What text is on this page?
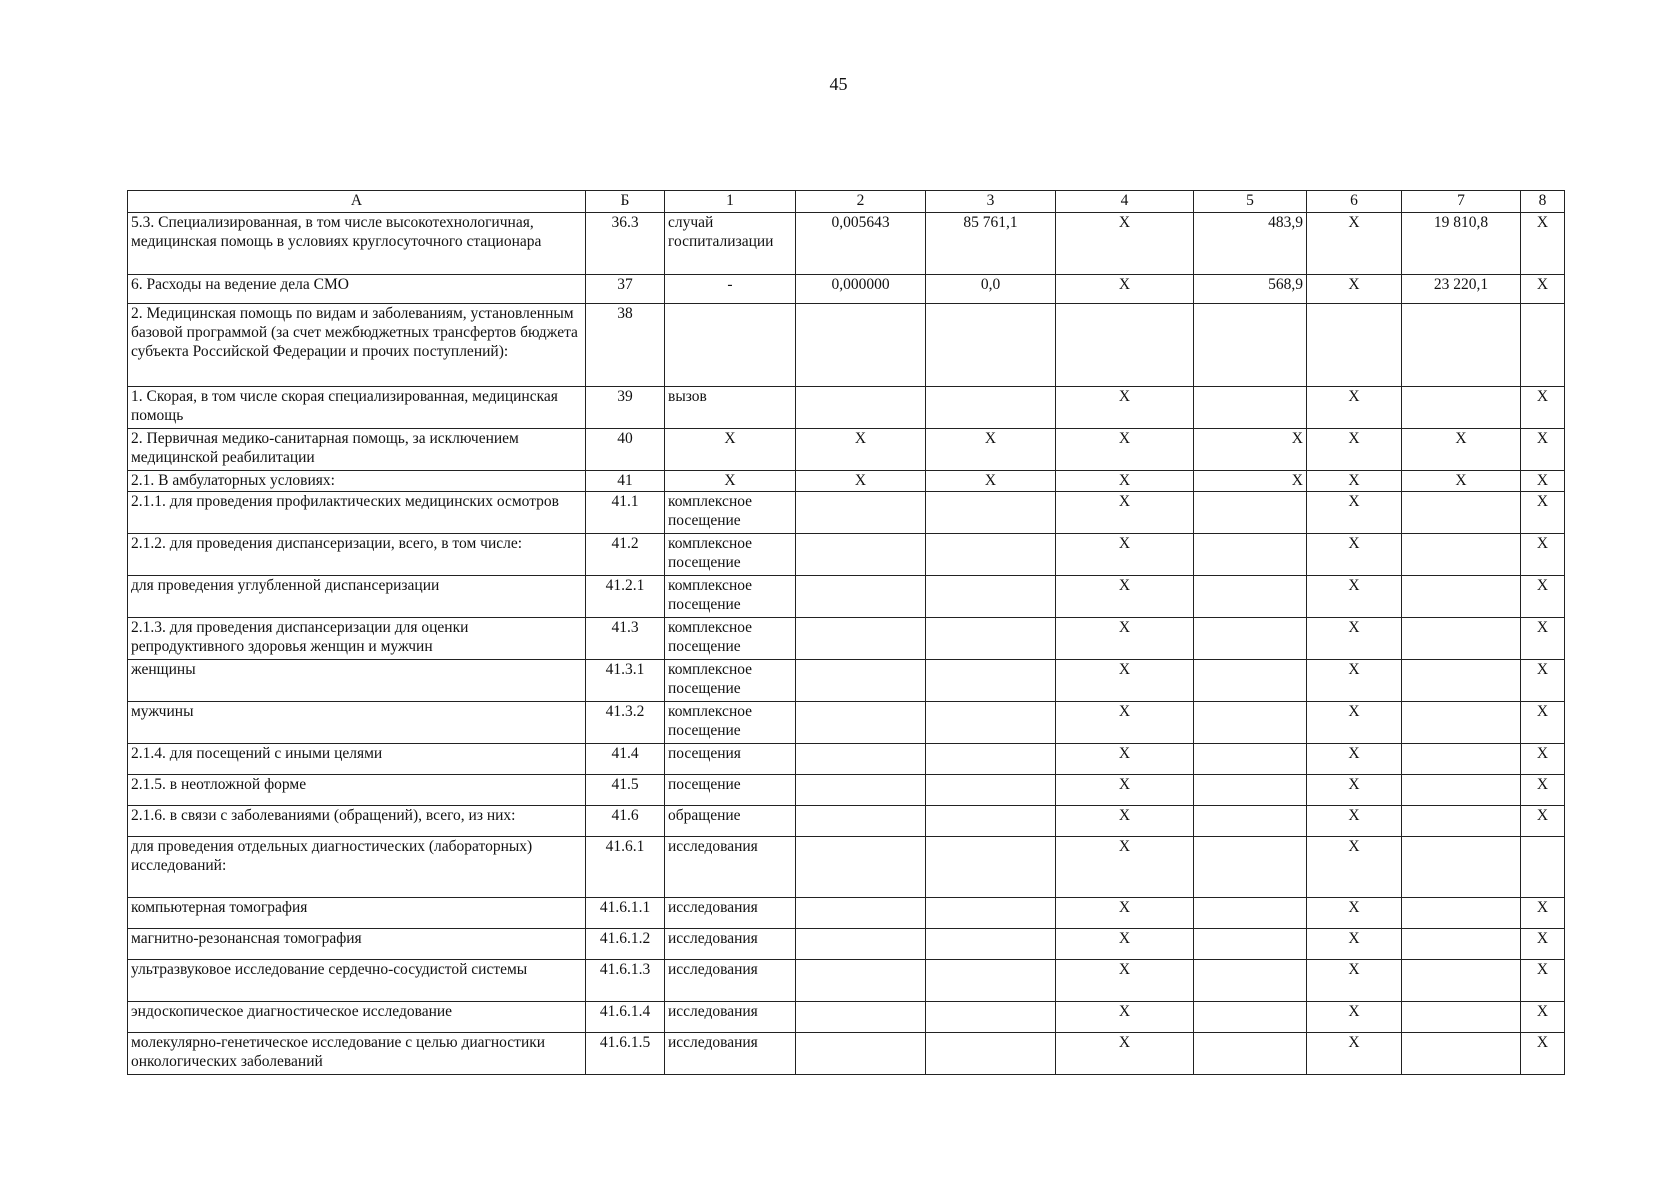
45
А	Б	1	2	3	4	5	6	7	8
5.3. Специализированная, в том числе высокотехнологичная, медицинская помощь в условиях круглосуточного стационара	36.3	случай госпитализации	0,005643	85 761,1	X	483,9	X	19 810,8	X
6. Расходы на ведение дела СМО	37	-	0,000000	0,0	X	568,9	X	23 220,1	X
2. Медицинская помощь по видам и заболеваниям, установленным базовой программой (за счет межбюджетных трансфертов бюджета субъекта Российской Федерации и прочих поступлений):	38								
1. Скорая, в том числе скорая специализированная, медицинская помощь	39	вызов			X		X		X
2. Первичная медико-санитарная помощь, за исключением медицинской реабилитации	40	X	X	X	X	X	X	X	X
2.1. В амбулаторных условиях:	41	X	X	X	X	X	X	X	X
2.1.1. для проведения профилактических медицинских осмотров	41.1	комплексное посещение			X		X		X
2.1.2. для проведения диспансеризации, всего, в том числе:	41.2	комплексное посещение			X		X		X
для проведения углубленной диспансеризации	41.2.1	комплексное посещение			X		X		X
2.1.3. для проведения диспансеризации для оценки репродуктивного здоровья женщин и мужчин	41.3	комплексное посещение			X		X		X
женщины	41.3.1	комплексное посещение			X		X		X
мужчины	41.3.2	комплексное посещение			X		X		X
2.1.4. для посещений с иными целями	41.4	посещения			X		X		X
2.1.5. в неотложной форме	41.5	посещение			X		X		X
2.1.6. в связи с заболеваниями (обращений), всего, из них:	41.6	обращение			X		X		X
для проведения отдельных диагностических (лабораторных) исследований:	41.6.1	исследования			X		X		
компьютерная томография	41.6.1.1	исследования			X		X		X
магнитно-резонансная томография	41.6.1.2	исследования			X		X		X
ультразвуковое исследование сердечно-сосудистой системы	41.6.1.3	исследования			X		X		X
эндоскопическое диагностическое исследование	41.6.1.4	исследования			X		X		X
молекулярно-генетическое исследование с целью диагностики онкологических заболеваний	41.6.1.5	исследования			X		X		X
